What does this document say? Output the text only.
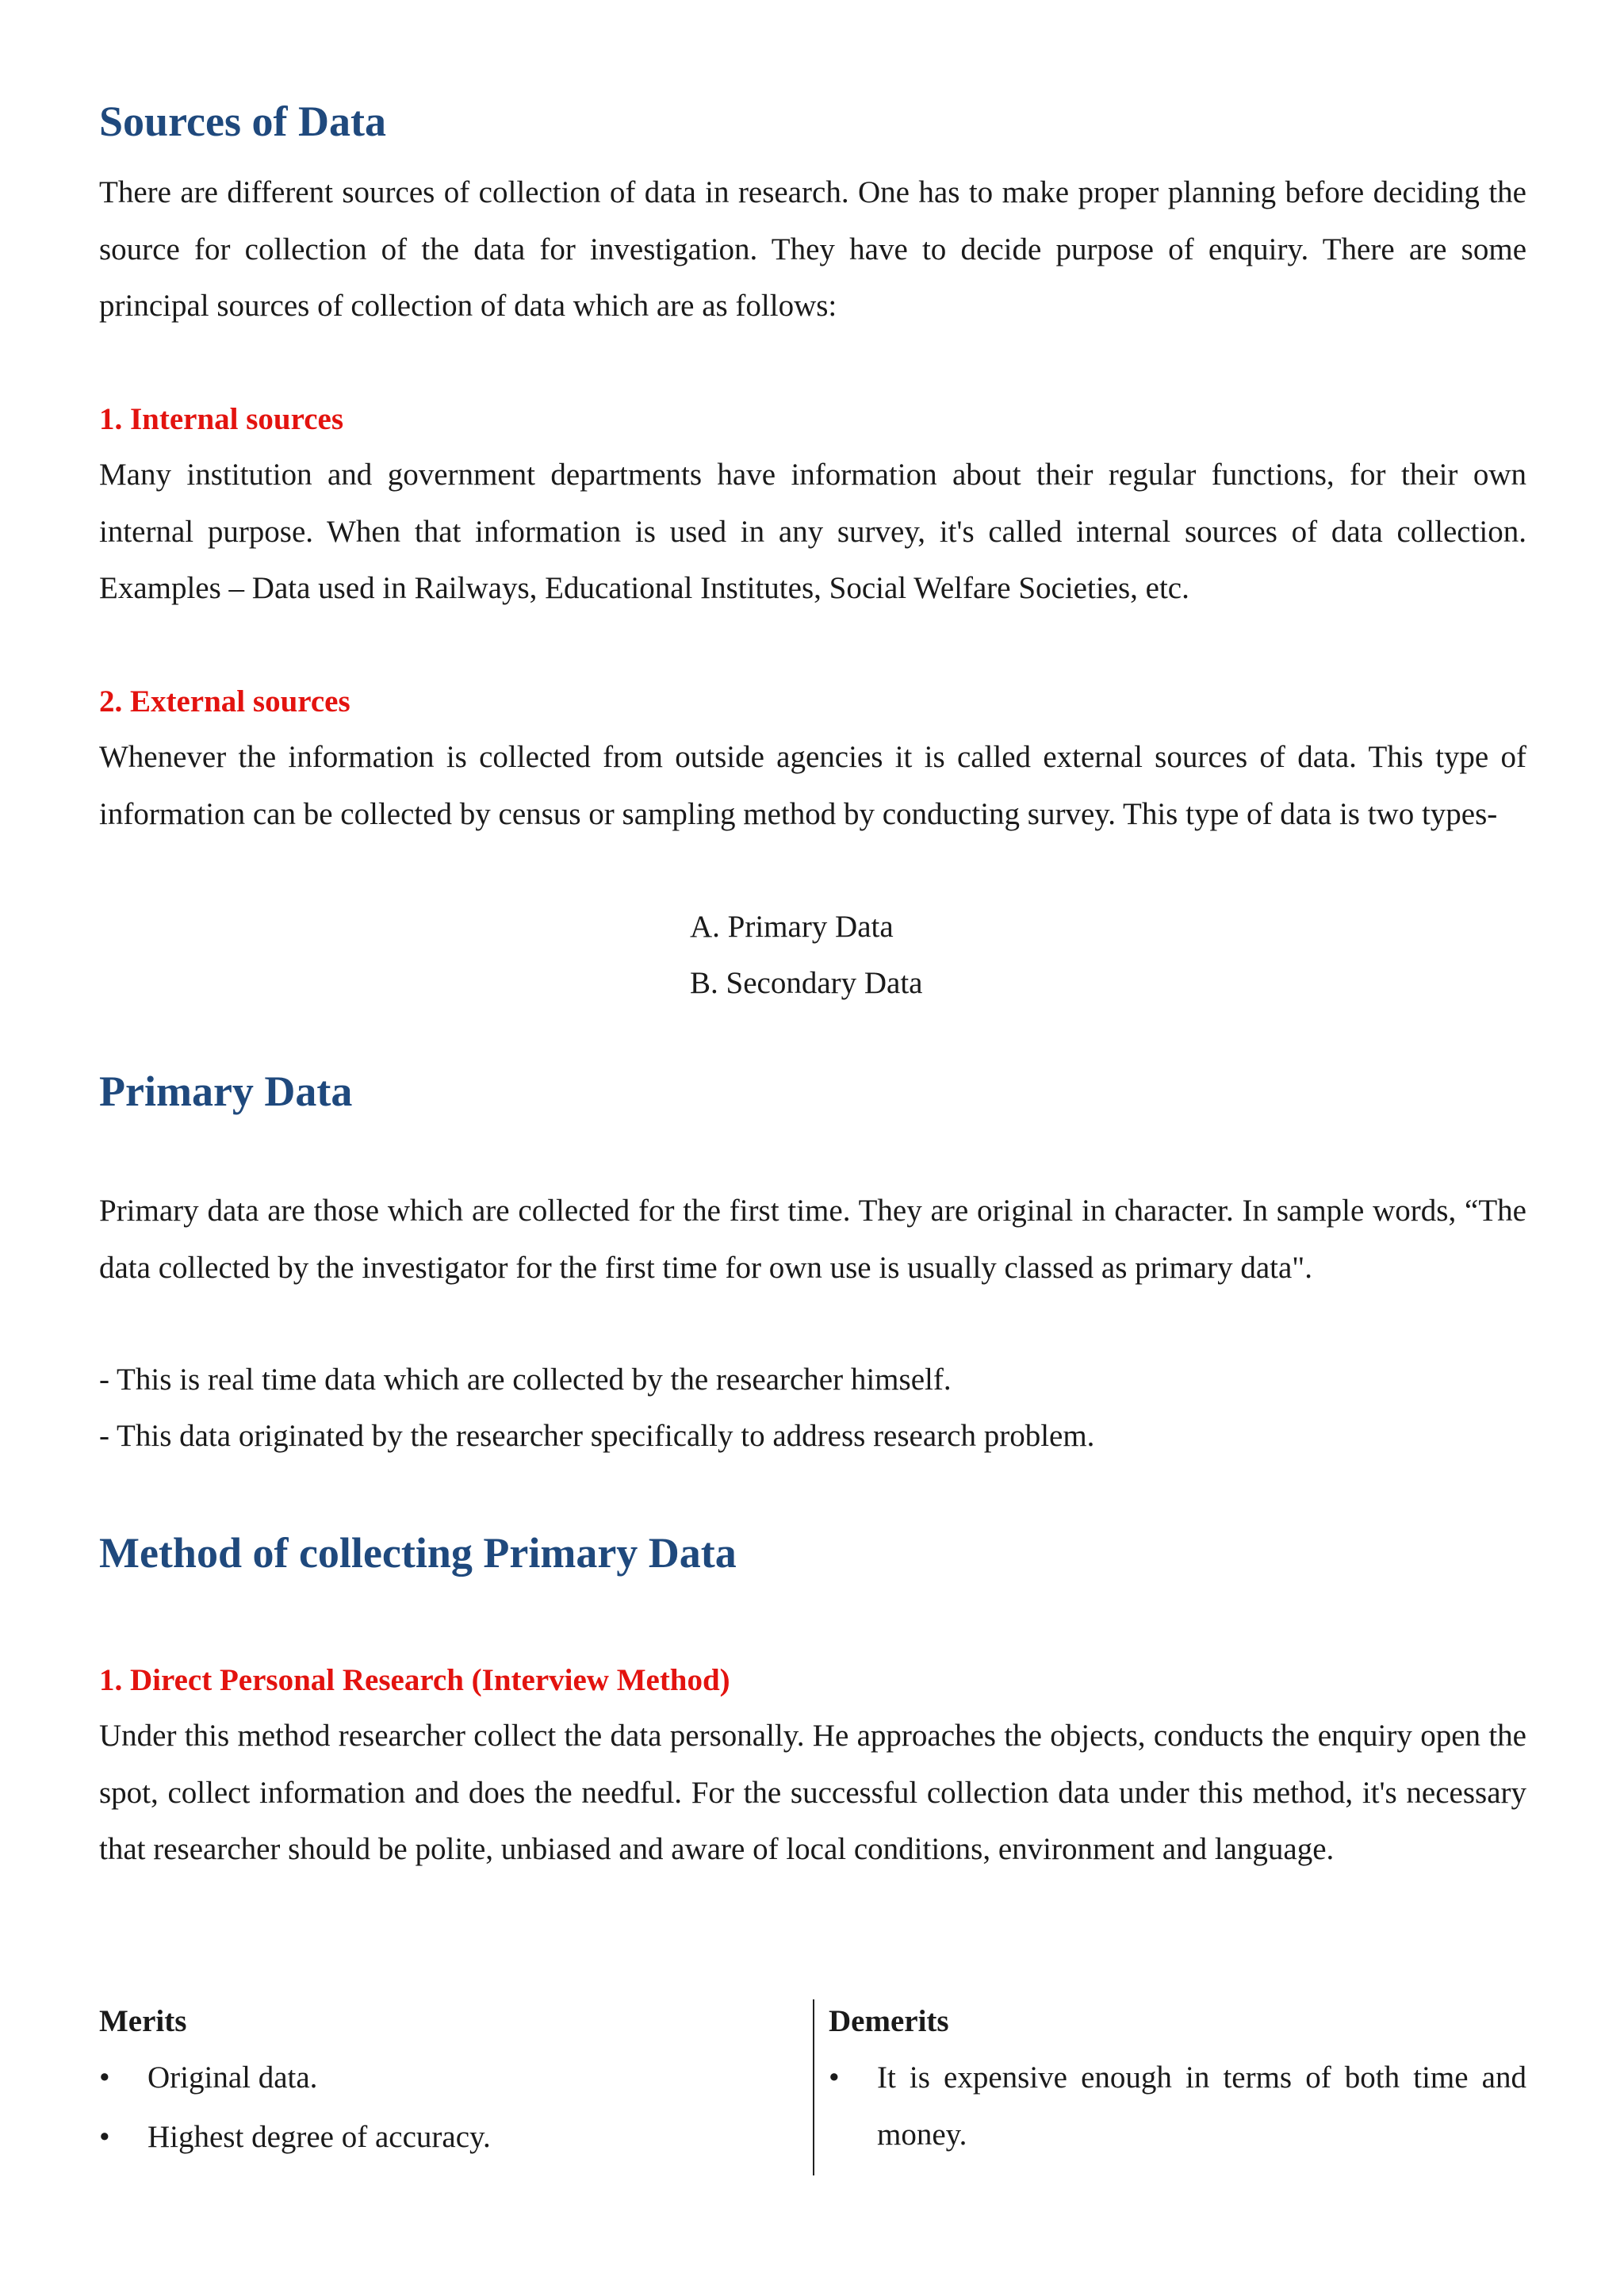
Sources of Data

There are different sources of collection of data in research. One has to make proper planning before deciding the source for collection of the data for investigation. They have to decide purpose of enquiry. There are some principal sources of collection of data which are as follows:

1. Internal sources

Many institution and government departments have information about their regular functions, for their own internal purpose. When that information is used in any survey, it's called internal sources of data collection. Examples – Data used in Railways, Educational Institutes, Social Welfare Societies, etc.

2. External sources

Whenever the information is collected from outside agencies it is called external sources of data. This type of information can be collected by census or sampling method by conducting survey. This type of data is two types-

A. Primary Data
B. Secondary Data
Primary Data

Primary data are those which are collected for the first time. They are original in character. In sample words, “The data collected by the investigator for the first time for own use is usually classed as primary data".

- This is real time data which are collected by the researcher himself.
- This data originated by the researcher specifically to address research problem.
Method of collecting Primary Data
1. Direct Personal Research (Interview Method)

Under this method researcher collect the data personally. He approaches the objects, conducts the enquiry open the spot, collect information and does the needful. For the successful collection data under this method, it's necessary that researcher should be polite, unbiased and aware of local conditions, environment and language.

Merits
• Original data.
• Highest degree of accuracy.
Demerits
• It is expensive enough in terms of both time and money.
